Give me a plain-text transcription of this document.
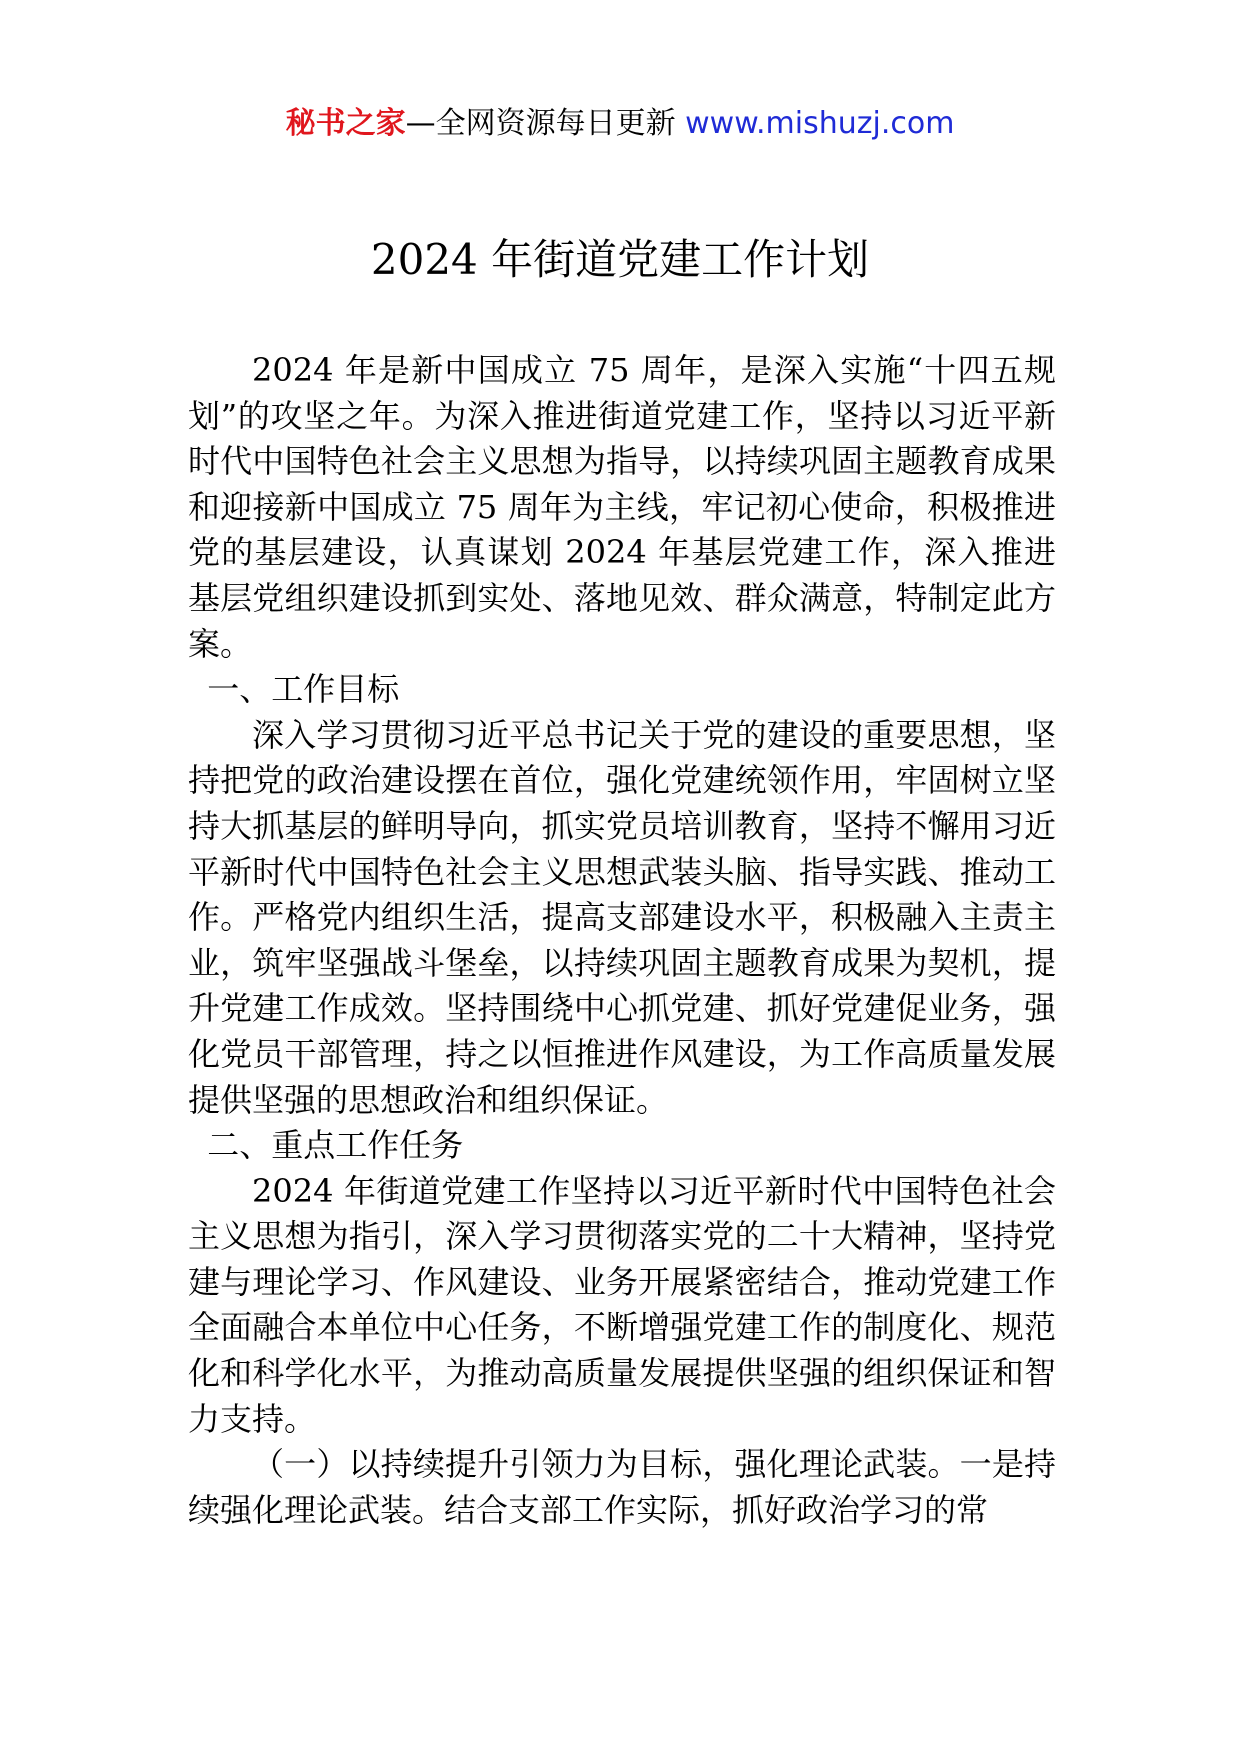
秘书之家—全网资源每日更新 www.mishuzj.com
2024 年街道党建工作计划

2024 年是新中国成立 75 周年，是深入实施“十四五规划”的攻坚之年。为深入推进街道党建工作，坚持以习近平新时代中国特色社会主义思想为指导，以持续巩固主题教育成果和迎接新中国成立 75 周年为主线，牢记初心使命，积极推进党的基层建设，认真谋划 2024 年基层党建工作，深入推进基层党组织建设抓到实处、落地见效、群众满意，特制定此方案。

一、工作目标

深入学习贯彻习近平总书记关于党的建设的重要思想，坚持把党的政治建设摆在首位，强化党建统领作用，牢固树立坚持大抓基层的鲜明导向，抓实党员培训教育，坚持不懈用习近平新时代中国特色社会主义思想武装头脑、指导实践、推动工作。严格党内组织生活，提高支部建设水平，积极融入主责主业，筑牢坚强战斗堡垒，以持续巩固主题教育成果为契机，提升党建工作成效。坚持围绕中心抓党建、抓好党建促业务，强化党员干部管理，持之以恒推进作风建设，为工作高质量发展提供坚强的思想政治和组织保证。

二、重点工作任务

2024 年街道党建工作坚持以习近平新时代中国特色社会主义思想为指引，深入学习贯彻落实党的二十大精神，坚持党建与理论学习、作风建设、业务开展紧密结合，推动党建工作全面融合本单位中心任务，不断增强党建工作的制度化、规范化和科学化水平，为推动高质量发展提供坚强的组织保证和智力支持。

（一）以持续提升引领力为目标，强化理论武装。一是持续强化理论武装。结合支部工作实际，抓好政治学习的常
